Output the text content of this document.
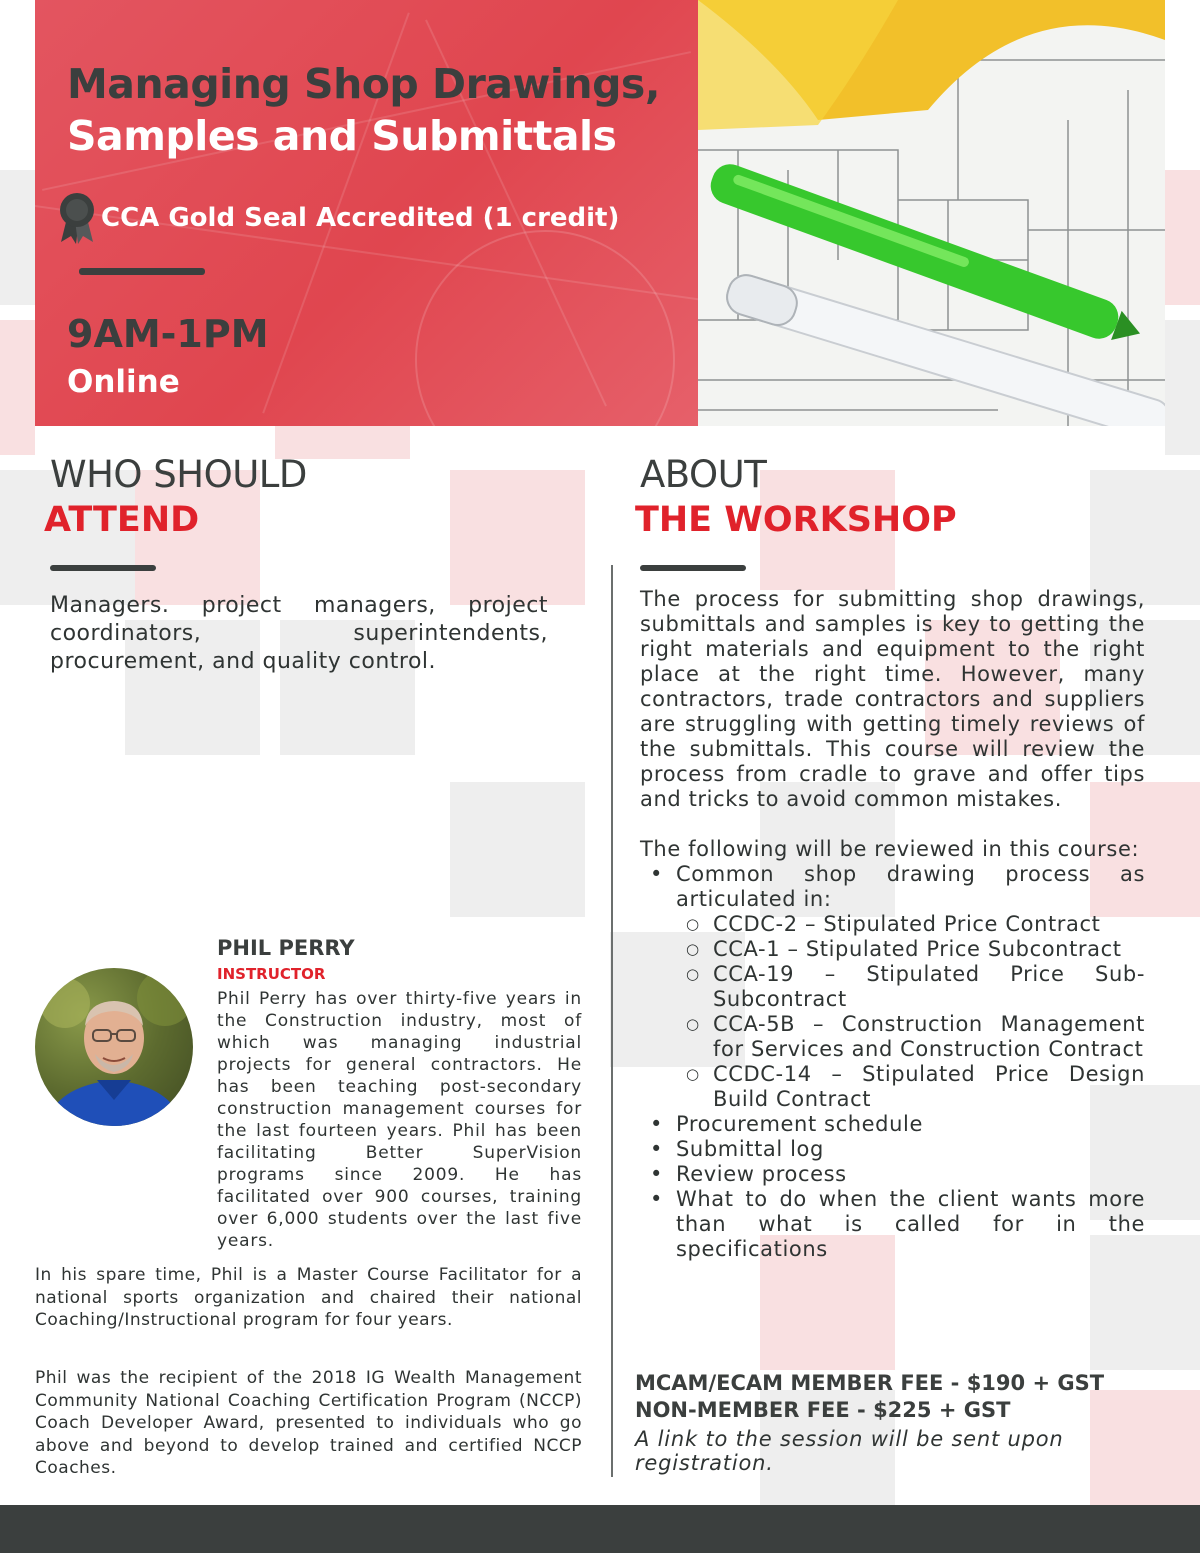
Managing Shop Drawings,
Samples and Submittals
CCA Gold Seal Accredited (1 credit)
9AM-1PM
Online
WHO SHOULD
ATTEND

Managers. project managers, project coordinators, superintendents, procurement, and quality control.

ABOUT
THE WORKSHOP

The process for submitting shop drawings, submittals and samples is key to getting the right materials and equipment to the right place at the right time. However, many contractors, trade contractors and suppliers are struggling with getting timely reviews of the submittals. This course will review the process from cradle to grave and offer tips and tricks to avoid common mistakes.

The following will be reviewed in this course:

• Common shop drawing process as articulated in:
○ CCDC-2 – Stipulated Price Contract
○ CCA-1 – Stipulated Price Subcontract
○ CCA-19 – Stipulated Price Sub-Subcontract
○ CCA-5B – Construction Management for Services and Construction Contract
○ CCDC-14 – Stipulated Price Design Build Contract
• Procurement schedule
• Submittal log
• Review process
• What to do when the client wants more than what is called for in the specifications
MCAM/ECAM MEMBER FEE - $190 + GST
NON-MEMBER FEE - $225 + GST
A link to the session will be sent upon registration.
PHIL PERRY
INSTRUCTOR

Phil Perry has over thirty-five years in the Construction industry, most of which was managing industrial projects for general contractors. He has been teaching post-secondary construction management courses for the last fourteen years. Phil has been facilitating Better SuperVision programs since 2009. He has facilitated over 900 courses, training over 6,000 students over the last five years.

In his spare time, Phil is a Master Course Facilitator for a national sports organization and chaired their national Coaching/Instructional program for four years.

Phil was the recipient of the 2018 IG Wealth Management Community National Coaching Certification Program (NCCP) Coach Developer Award, presented to individuals who go above and beyond to develop trained and certified NCCP Coaches.
